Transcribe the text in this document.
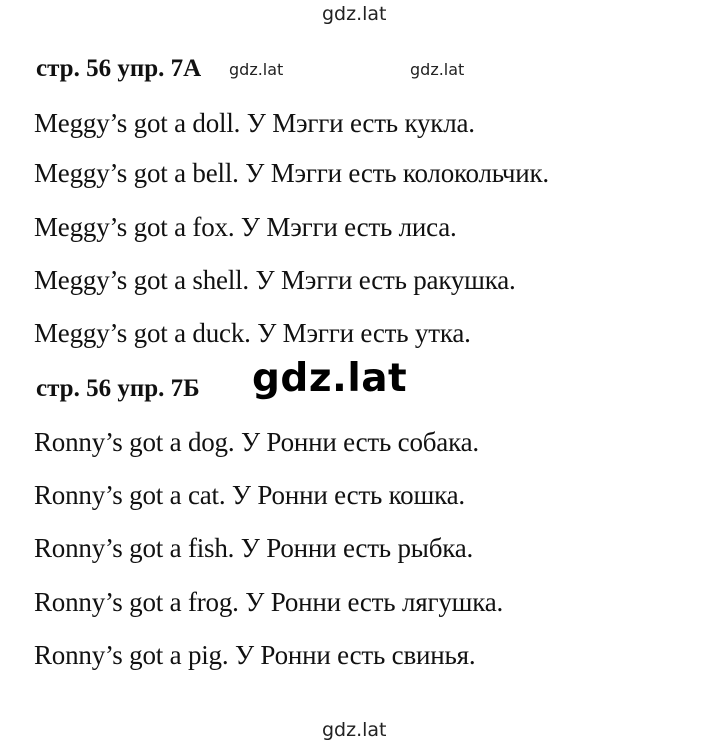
gdz.lat
стр. 56 упр. 7А gdz.lat	gdz.lat
Meggy’s got a doll. У Мэгги есть кукла.
Meggy’s got a bell. У Мэгги есть колокольчик.
Meggy’s got a fox. У Мэгги есть лиса.
Meggy’s got a shell. У Мэгги есть ракушка.
Meggy’s got a duck. У Мэгги есть утка.
стр. 56 упр. 7Б gdz.lat
Ronny’s got a dog. У Ронни есть собака.
Ronny’s got a cat. У Ронни есть кошка.
Ronny’s got a fish. У Ронни есть рыбка.
Ronny’s got a frog. У Ронни есть лягушка.
Ronny’s got a pig. У Ронни есть свинья.
gdz.lat
